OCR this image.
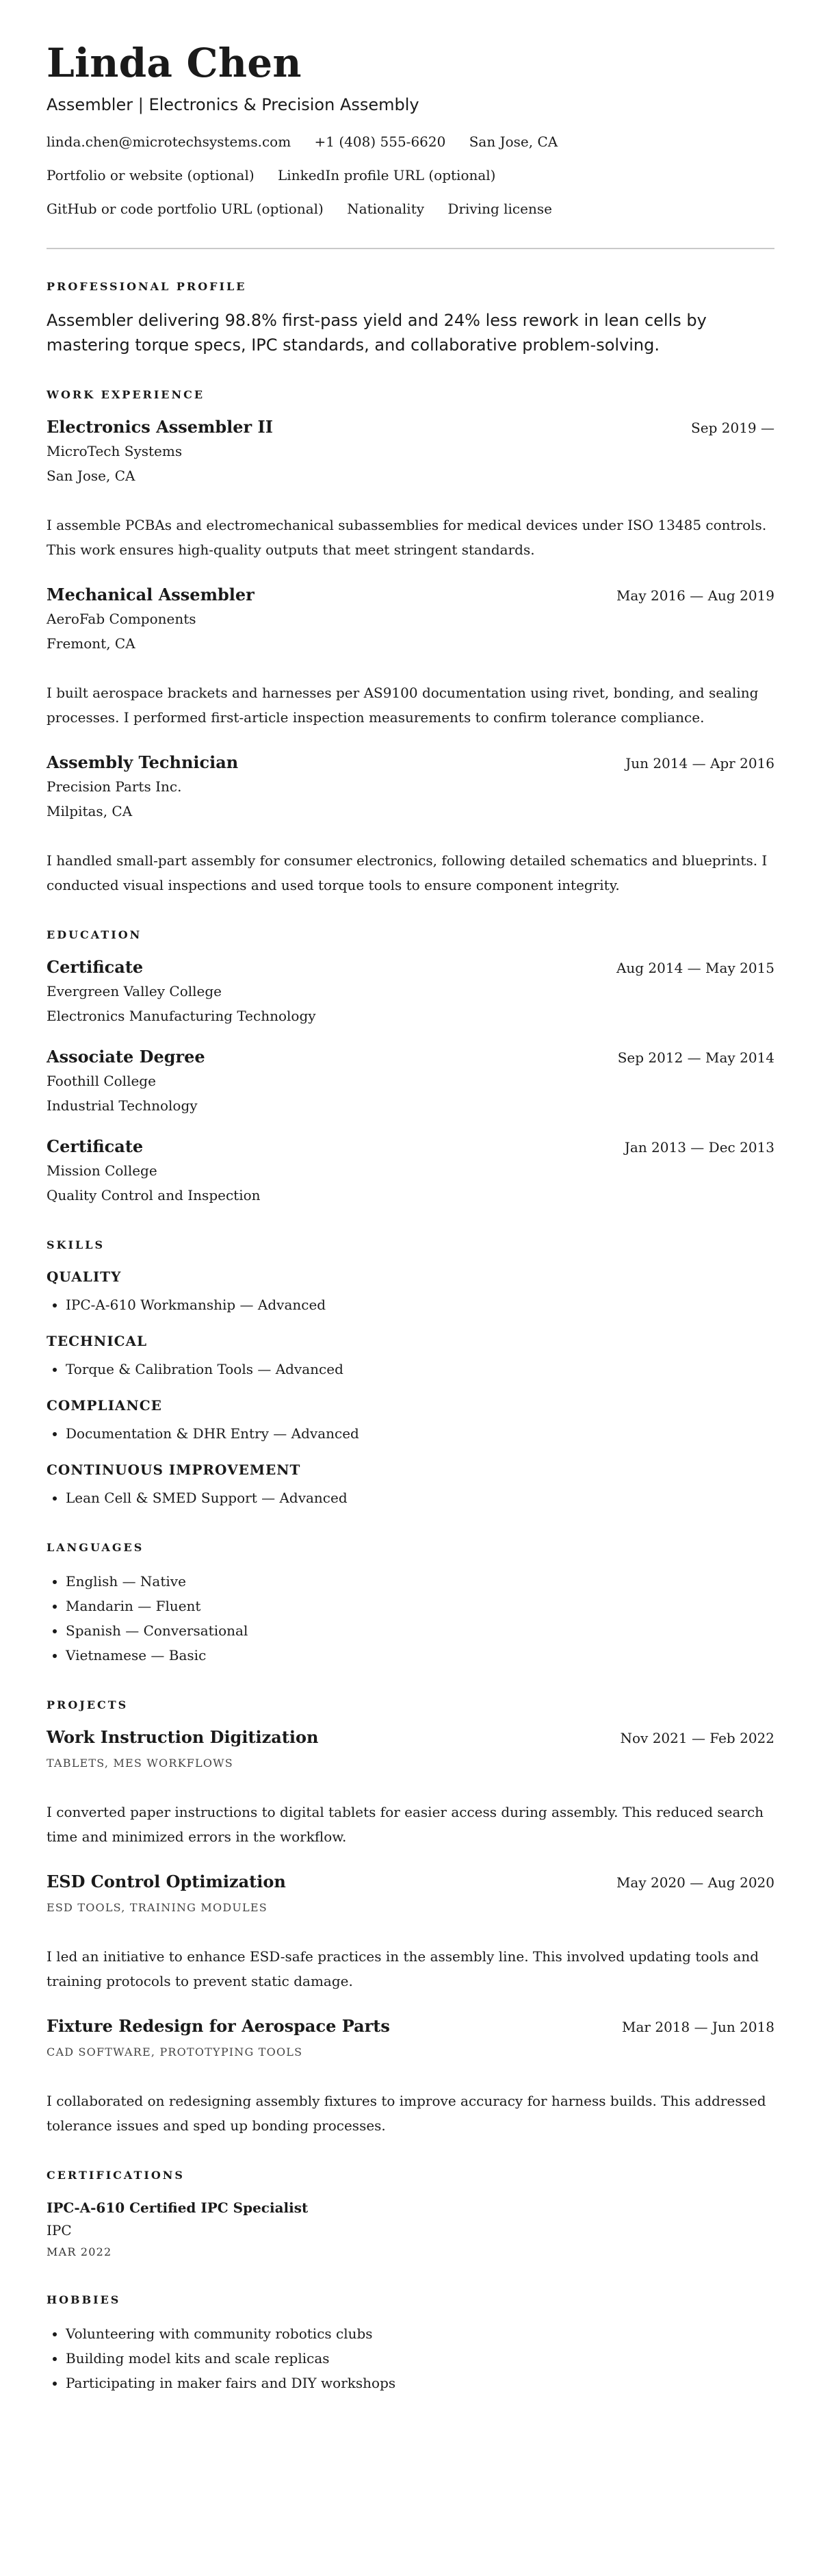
Linda Chen
Assembler | Electronics & Precision Assembly
linda.chen@microtechsystems.com +1 (408) 555-6620 San Jose, CA
Portfolio or website (optional) LinkedIn profile URL (optional)
GitHub or code portfolio URL (optional) Nationality Driving license
PROFESSIONAL PROFILE

Assembler delivering 98.8% first-pass yield and 24% less rework in lean cells by mastering torque specs, IPC standards, and collaborative problem-solving.

WORK EXPERIENCE
Electronics Assembler II	Sep 2019 —
MicroTech Systems
San Jose, CA
I assemble PCBAs and electromechanical subassemblies for medical devices under ISO 13485 controls. This work ensures high-quality outputs that meet stringent standards.
Mechanical Assembler	May 2016 — Aug 2019
AeroFab Components
Fremont, CA
I built aerospace brackets and harnesses per AS9100 documentation using rivet, bonding, and sealing processes. I performed first-article inspection measurements to confirm tolerance compliance.
Assembly Technician	Jun 2014 — Apr 2016
Precision Parts Inc.
Milpitas, CA
I handled small-part assembly for consumer electronics, following detailed schematics and blueprints. I conducted visual inspections and used torque tools to ensure component integrity.
EDUCATION
Certificate	Aug 2014 — May 2015
Evergreen Valley College
Electronics Manufacturing Technology
Associate Degree	Sep 2012 — May 2014
Foothill College
Industrial Technology
Certificate	Jan 2013 — Dec 2013
Mission College
Quality Control and Inspection
SKILLS
QUALITY
• IPC-A-610 Workmanship — Advanced
TECHNICAL
• Torque & Calibration Tools — Advanced
COMPLIANCE
• Documentation & DHR Entry — Advanced
CONTINUOUS IMPROVEMENT
• Lean Cell & SMED Support — Advanced
LANGUAGES
• English — Native
• Mandarin — Fluent
• Spanish — Conversational
• Vietnamese — Basic
PROJECTS
Work Instruction Digitization	Nov 2021 — Feb 2022
TABLETS, MES WORKFLOWS
I converted paper instructions to digital tablets for easier access during assembly. This reduced search time and minimized errors in the workflow.
ESD Control Optimization	May 2020 — Aug 2020
ESD TOOLS, TRAINING MODULES
I led an initiative to enhance ESD-safe practices in the assembly line. This involved updating tools and training protocols to prevent static damage.
Fixture Redesign for Aerospace Parts	Mar 2018 — Jun 2018
CAD SOFTWARE, PROTOTYPING TOOLS
I collaborated on redesigning assembly fixtures to improve accuracy for harness builds. This addressed tolerance issues and sped up bonding processes.
CERTIFICATIONS
IPC-A-610 Certified IPC Specialist
IPC
MAR 2022
HOBBIES
• Volunteering with community robotics clubs
• Building model kits and scale replicas
• Participating in maker fairs and DIY workshops
